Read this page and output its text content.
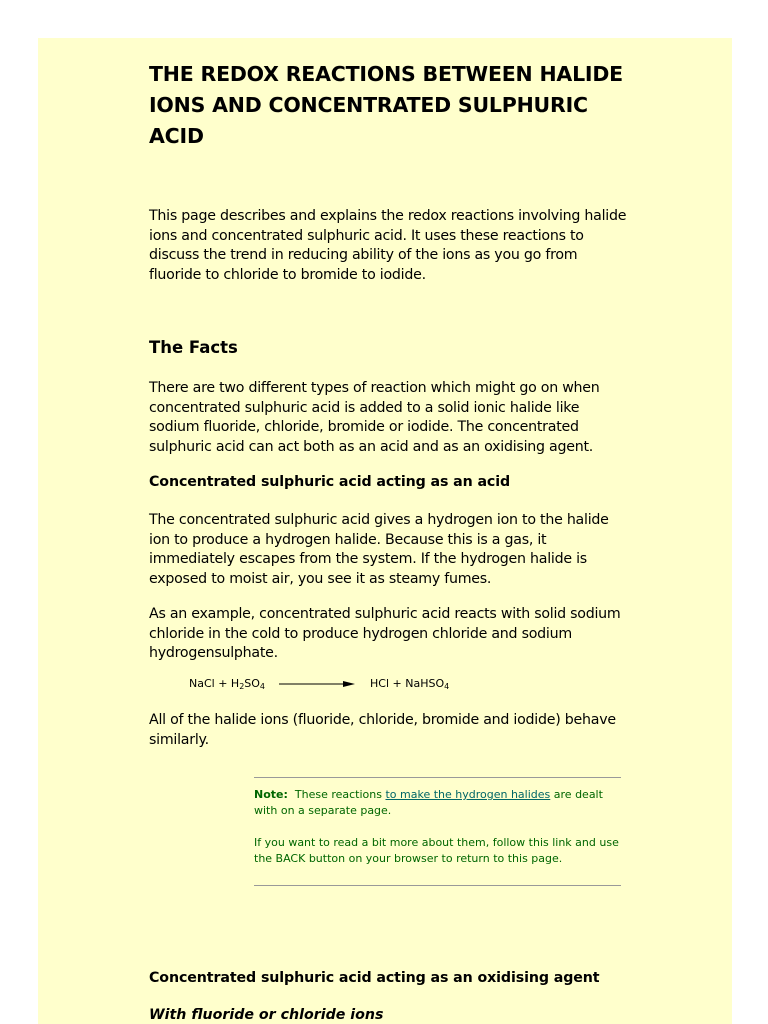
THE REDOX REACTIONS BETWEEN HALIDE IONS AND CONCENTRATED SULPHURIC ACID

This page describes and explains the redox reactions involving halide ions and concentrated sulphuric acid. It uses these reactions to discuss the trend in reducing ability of the ions as you go from fluoride to chloride to bromide to iodide.

The Facts

There are two different types of reaction which might go on when concentrated sulphuric acid is added to a solid ionic halide like sodium fluoride, chloride, bromide or iodide. The concentrated sulphuric acid can act both as an acid and as an oxidising agent.

Concentrated sulphuric acid acting as an acid

The concentrated sulphuric acid gives a hydrogen ion to the halide ion to produce a hydrogen halide. Because this is a gas, it immediately escapes from the system. If the hydrogen halide is exposed to moist air, you see it as steamy fumes.

As an example, concentrated sulphuric acid reacts with solid sodium chloride in the cold to produce hydrogen chloride and sodium hydrogensulphate.

NaCl + $H_2SO_4$	HCl + NaHSO$_4$

All of the halide ions (fluoride, chloride, bromide and iodide) behave similarly.

Note: These reactions to make the hydrogen halides are dealt with on a separate page.
If you want to read a bit more about them, follow this link and use the BACK button on your browser to return to this page.
Concentrated sulphuric acid acting as an oxidising agent
With fluoride or chloride ions
